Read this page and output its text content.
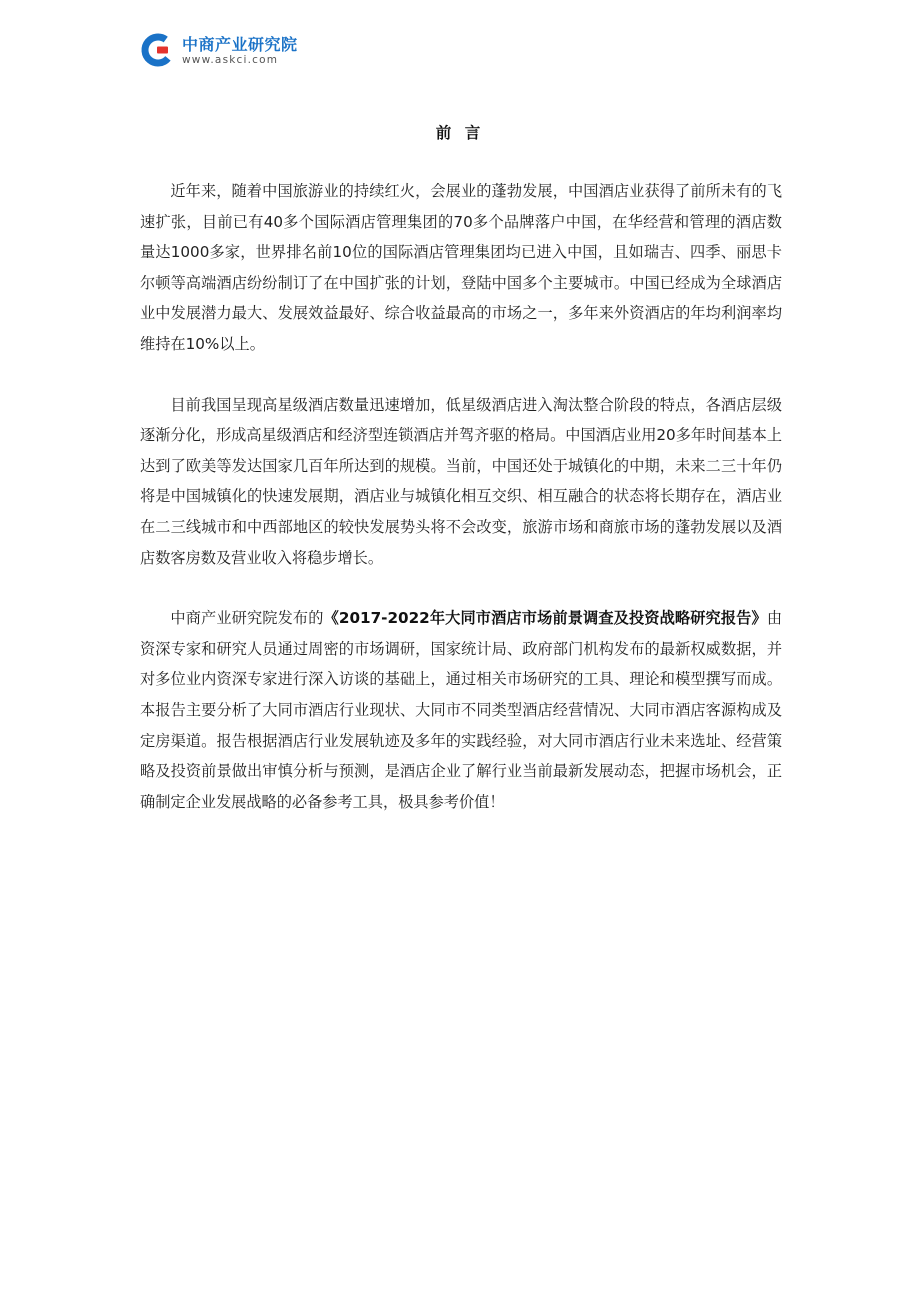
中商产业研究院
www.askci.com
前 言

近年来，随着中国旅游业的持续红火，会展业的蓬勃发展，中国酒店业获得了前所未有的飞速扩张，目前已有40多个国际酒店管理集团的70多个品牌落户中国，在华经营和管理的酒店数量达1000多家，世界排名前10位的国际酒店管理集团均已进入中国，且如瑞吉、四季、丽思卡尔顿等高端酒店纷纷制订了在中国扩张的计划，登陆中国多个主要城市。中国已经成为全球酒店业中发展潜力最大、发展效益最好、综合收益最高的市场之一，多年来外资酒店的年均利润率均维持在10%以上。

目前我国呈现高星级酒店数量迅速增加，低星级酒店进入淘汰整合阶段的特点，各酒店层级逐渐分化，形成高星级酒店和经济型连锁酒店并驾齐驱的格局。中国酒店业用20多年时间基本上达到了欧美等发达国家几百年所达到的规模。当前，中国还处于城镇化的中期，未来二三十年仍将是中国城镇化的快速发展期，酒店业与城镇化相互交织、相互融合的状态将长期存在，酒店业在二三线城市和中西部地区的较快发展势头将不会改变，旅游市场和商旅市场的蓬勃发展以及酒店数客房数及营业收入将稳步增长。

中商产业研究院发布的《2017-2022年大同市酒店市场前景调查及投资战略研究报告》由资深专家和研究人员通过周密的市场调研，国家统计局、政府部门机构发布的最新权威数据，并对多位业内资深专家进行深入访谈的基础上，通过相关市场研究的工具、理论和模型撰写而成。本报告主要分析了大同市酒店行业现状、大同市不同类型酒店经营情况、大同市酒店客源构成及定房渠道。报告根据酒店行业发展轨迹及多年的实践经验，对大同市酒店行业未来选址、经营策略及投资前景做出审慎分析与预测，是酒店企业了解行业当前最新发展动态，把握市场机会，正确制定企业发展战略的必备参考工具，极具参考价值！
